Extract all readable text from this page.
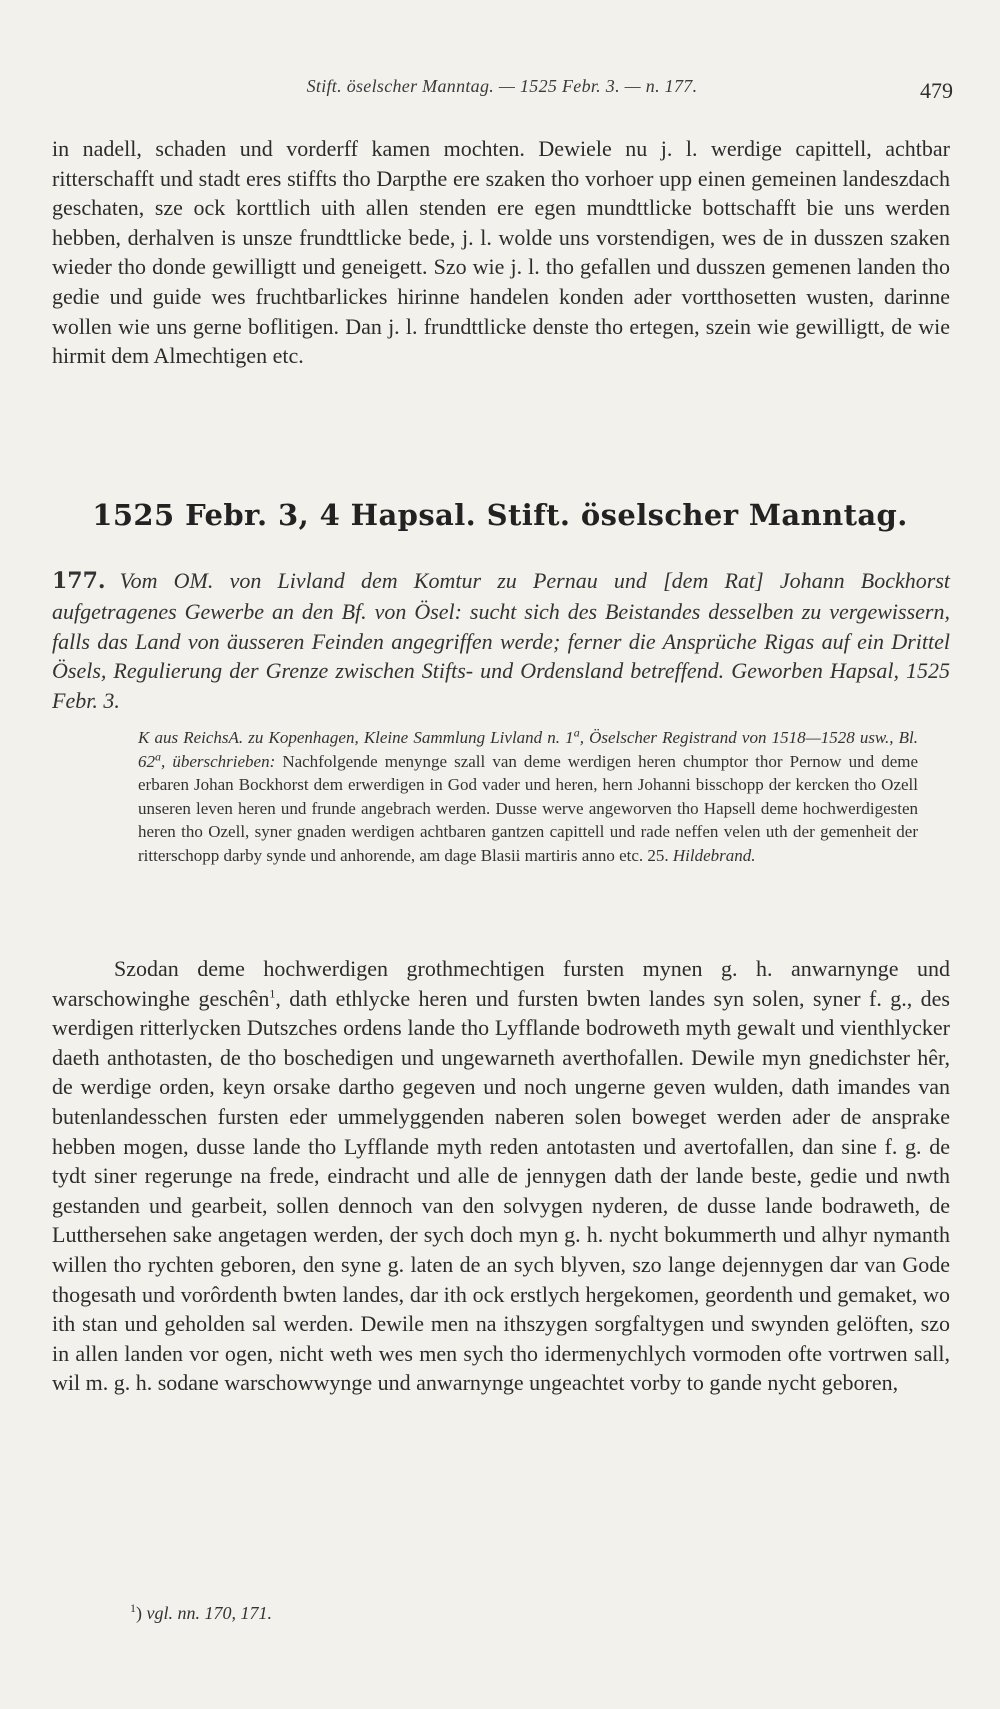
Stift. öselscher Manntag. — 1525 Febr. 3. — n. 177.	479
in nadell, schaden und vorderff kamen mochten. Dewiele nu j. l. werdige capittell, achtbar ritterschafft und stadt eres stiffts tho Darpthe ere szaken tho vorhoer upp einen gemeinen landeszdach geschaten, sze ock korttlich uith allen stenden ere egen mundttlicke bottschafft bie uns werden hebben, derhalven is unsze frundttlicke bede, j. l. wolde uns vorstendigen, wes de in dusszen szaken wieder tho donde gewilligtt und geneigett. Szo wie j. l. tho gefallen und dusszen gemenen landen tho gedie und guide wes fruchtbarlickes hirinne handelen konden ader vortthosetten wusten, darinne wollen wie uns gerne boflitigen. Dan j. l. frundttlicke denste tho ertegen, szein wie gewilligtt, de wie hirmit dem Almechtigen etc.
1525 Febr. 3, 4 Hapsal. Stift. öselscher Manntag.
177. Vom OM. von Livland dem Komtur zu Pernau und [dem Rat] Johann Bockhorst aufgetragenes Gewerbe an den Bf. von Ösel: sucht sich des Beistandes desselben zu vergewissern, falls das Land von äusseren Feinden angegriffen werde; ferner die Ansprüche Rigas auf ein Drittel Ösels, Regulierung der Grenze zwischen Stifts- und Ordensland betreffend. Geworben Hapsal, 1525 Febr. 3.
K aus ReichsA. zu Kopenhagen, Kleine Sammlung Livland n. 1$^a$, Öselscher Registrand von 1518—1528 usw., Bl. 62$^a$, überschrieben: Nachfolgende menynge szall van deme werdigen heren chumptor thor Pernow und deme erbaren Johan Bockhorst dem erwerdigen in God vader und heren, hern Johanni bisschopp der kercken tho Ozell unseren leven heren und frunde angebrach werden. Dusse werve angeworven tho Hapsell deme hochwerdigesten heren tho Ozell, syner gnaden werdigen achtbaren gantzen capittell und rade neffen velen uth der gemenheit der ritterschopp darby synde und anhorende, am dage Blasii martiris anno etc. 25. Hildebrand.
Szodan deme hochwerdigen grothmechtigen fursten mynen g. h. anwarnynge und warschowinghe geschên$^1$, dath ethlycke heren und fursten bwten landes syn solen, syner f. g., des werdigen ritterlycken Dutszches ordens lande tho Lyfflande bodroweth myth gewalt und vienthlycker daeth anthotasten, de tho boschedigen und ungewarneth averthofallen. Dewile myn gnedichster hêr, de werdige orden, keyn orsake dartho gegeven und noch ungerne geven wulden, dath imandes van butenlandesschen fursten eder ummelyggenden naberen solen boweget werden ader de ansprake hebben mogen, dusse lande tho Lyfflande myth reden antotasten und avertofallen, dan sine f. g. de tydt siner regerunge na frede, eindracht und alle de jennygen dath der lande beste, gedie und nwth gestanden und gearbeit, sollen dennoch van den solvygen nyderen, de dusse lande bodraweth, de Lutthersehen sake angetagen werden, der sych doch myn g. h. nycht bokummerth und alhyr nymanth willen tho rychten geboren, den syne g. laten de an sych blyven, szo lange dejennygen dar van Gode thogesath und vorôrdenth bwten landes, dar ith ock erstlych hergekomen, geordenth und gemaket, wo ith stan und geholden sal werden. Dewile men na ithszygen sorgfaltygen und swynden gelöften, szo in allen landen vor ogen, nicht weth wes men sych tho idermenychlych vormoden ofte vortrwen sall, wil m. g. h. sodane warschowwynge und anwarnynge ungeachtet vorby to gande nycht geboren,
$^1$) vgl. nn. 170, 171.
